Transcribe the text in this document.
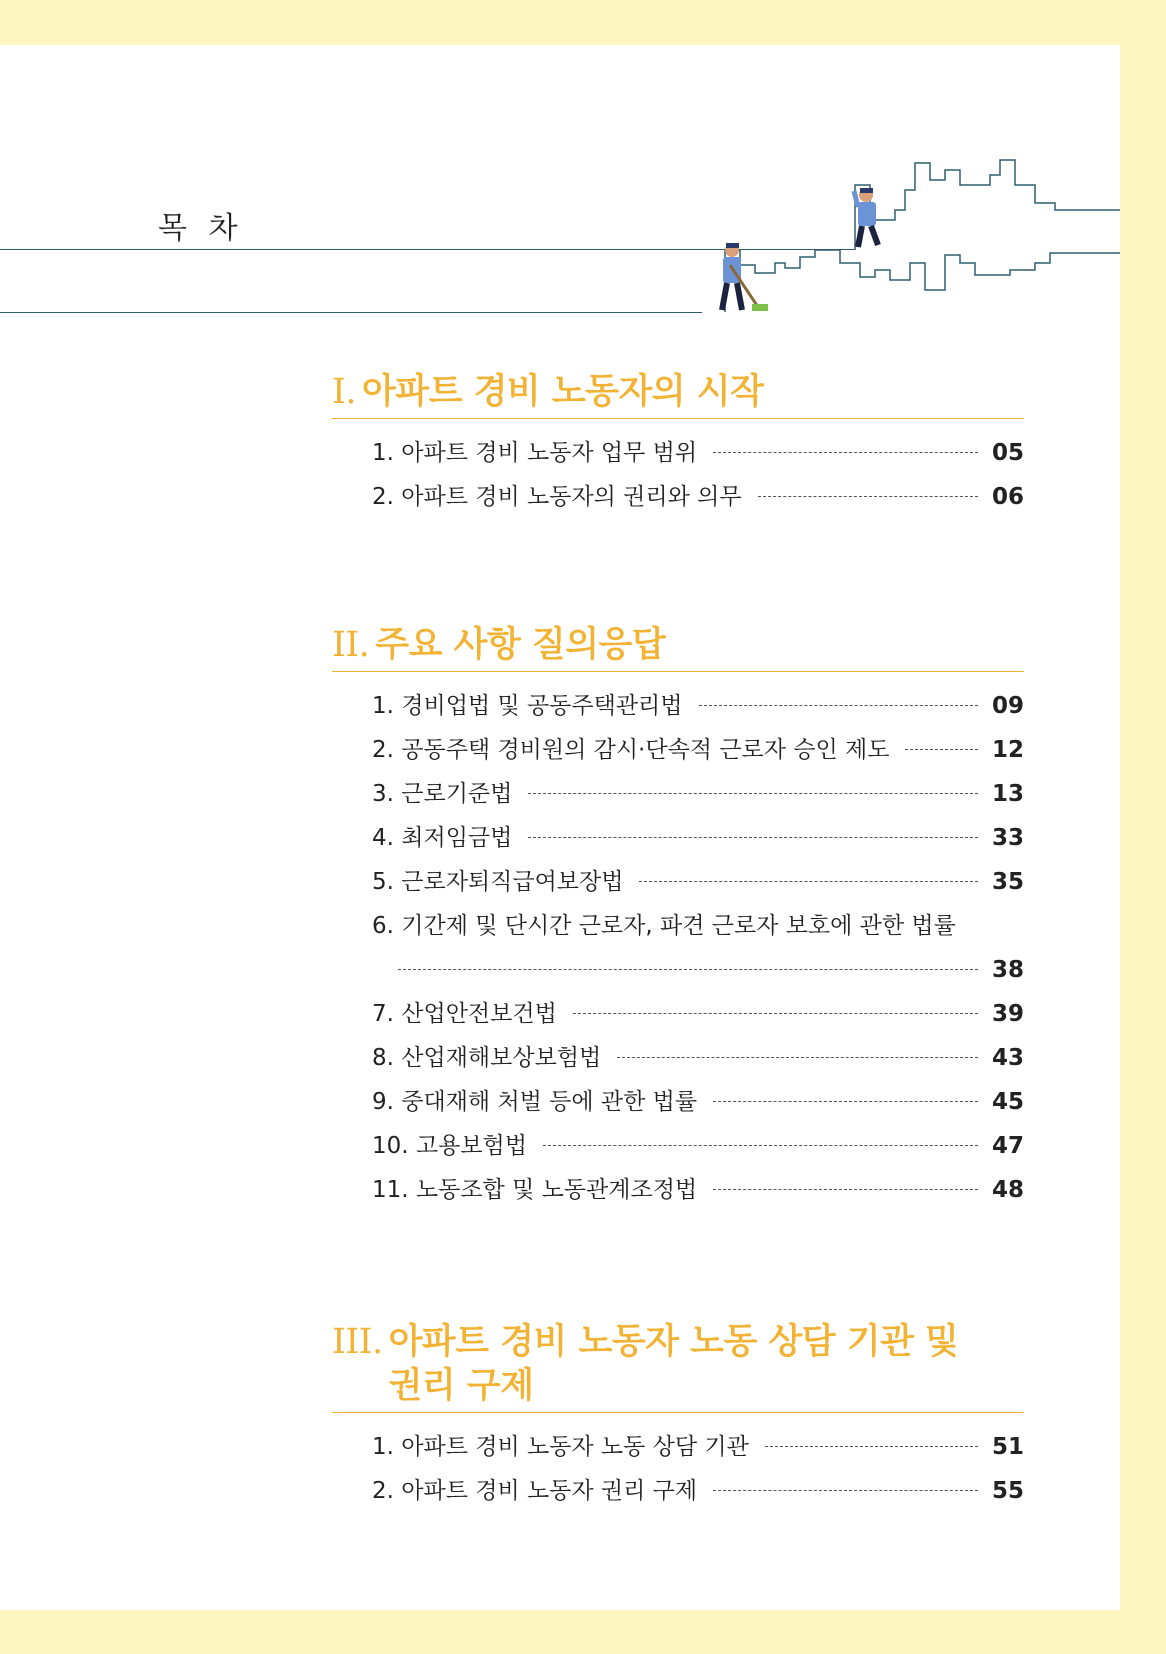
목 차
I. 아파트 경비 노동자의 시작
1. 아파트 경비 노동자 업무 범위	05
2. 아파트 경비 노동자의 권리와 의무	06
II. 주요 사항 질의응답
1. 경비업법 및 공동주택관리법	09
2. 공동주택 경비원의 감시·단속적 근로자 승인 제도	12
3. 근로기준법	13
4. 최저임금법	33
5. 근로자퇴직급여보장법	35
6. 기간제 및 단시간 근로자, 파견 근로자 보호에 관한 법률
38
7. 산업안전보건법	39
8. 산업재해보상보험법	43
9. 중대재해 처벌 등에 관한 법률	45
10. 고용보험법	47
11. 노동조합 및 노동관계조정법	48
III. 아파트 경비 노동자 노동 상담 기관 및 권리 구제
1. 아파트 경비 노동자 노동 상담 기관	51
2. 아파트 경비 노동자 권리 구제	55
